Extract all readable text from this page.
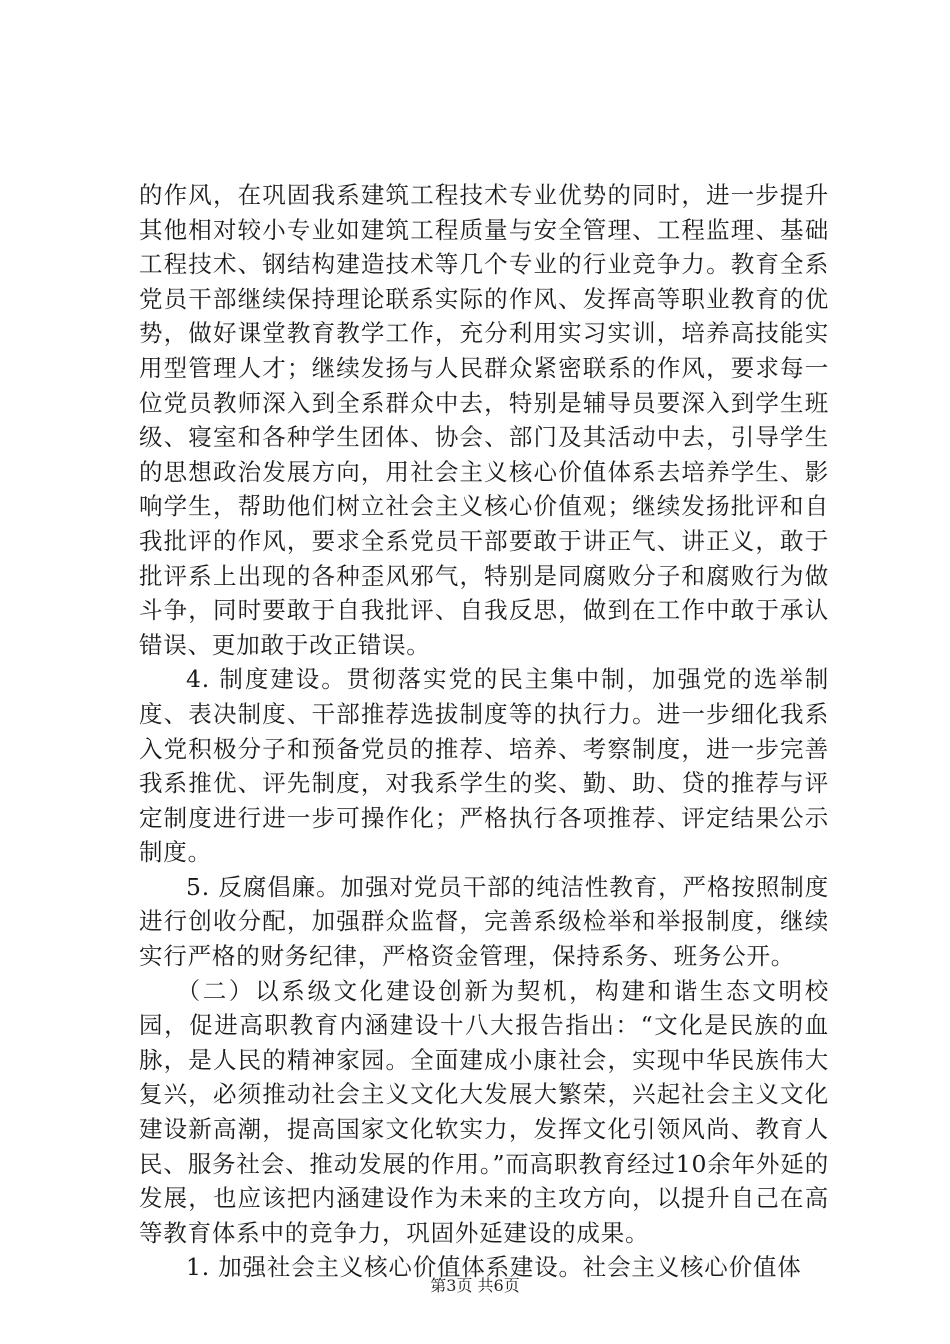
的作风，在巩固我系建筑工程技术专业优势的同时，进一步提升其他相对较小专业如建筑工程质量与安全管理、工程监理、基础工程技术、钢结构建造技术等几个专业的行业竞争力。教育全系党员干部继续保持理论联系实际的作风、发挥高等职业教育的优势，做好课堂教育教学工作，充分利用实习实训，培养高技能实用型管理人才；继续发扬与人民群众紧密联系的作风，要求每一位党员教师深入到全系群众中去，特别是辅导员要深入到学生班级、寝室和各种学生团体、协会、部门及其活动中去，引导学生的思想政治发展方向，用社会主义核心价值体系去培养学生、影响学生，帮助他们树立社会主义核心价值观；继续发扬批评和自我批评的作风，要求全系党员干部要敢于讲正气、讲正义，敢于批评系上出现的各种歪风邪气，特别是同腐败分子和腐败行为做斗争，同时要敢于自我批评、自我反思，做到在工作中敢于承认错误、更加敢于改正错误。

4. 制度建设。贯彻落实党的民主集中制，加强党的选举制度、表决制度、干部推荐选拔制度等的执行力。进一步细化我系入党积极分子和预备党员的推荐、培养、考察制度，进一步完善我系推优、评先制度，对我系学生的奖、勤、助、贷的推荐与评定制度进行进一步可操作化；严格执行各项推荐、评定结果公示制度。

5. 反腐倡廉。加强对党员干部的纯洁性教育，严格按照制度进行创收分配，加强群众监督，完善系级检举和举报制度，继续实行严格的财务纪律，严格资金管理，保持系务、班务公开。

（二）以系级文化建设创新为契机，构建和谐生态文明校园，促进高职教育内涵建设十八大报告指出：“文化是民族的血脉，是人民的精神家园。全面建成小康社会，实现中华民族伟大复兴，必须推动社会主义文化大发展大繁荣，兴起社会主义文化建设新高潮，提高国家文化软实力，发挥文化引领风尚、教育人民、服务社会、推动发展的作用。”而高职教育经过10余年外延的发展，也应该把内涵建设作为未来的主攻方向，以提升自己在高等教育体系中的竞争力，巩固外延建设的成果。

1. 加强社会主义核心价值体系建设。社会主义核心价值体

第3页 共6页
